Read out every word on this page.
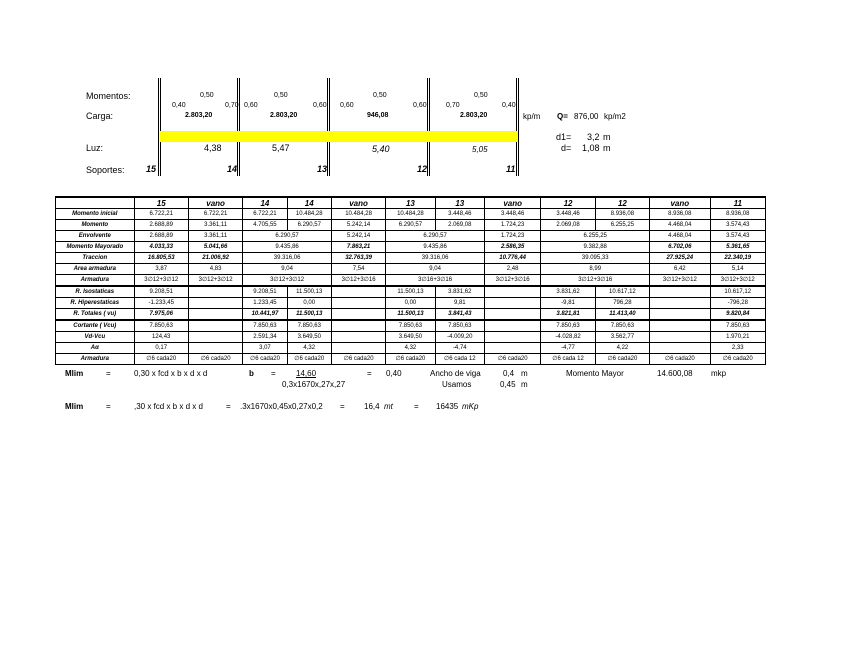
Momentos:
Carga:
Luz:
Soportes:
0,50
0,40	0,70
2.803,20
4,38
0,50
0,60	0,60
2.803,20
5,47
0,50
0,60	0,60
946,08
5,40
0,50
0,70	0,40
2.803,20
5,05
15	14	13	12	11
kp/m Q= 876,00 kp/m2
d1= 3,2 m
d= 1,08 m
	15	vano	14	14	vano	13	13	vano	12	12	vano	11
Momento inicial	6.722,21	6.722,21	6.722,21	10.484,28	10.484,28	10.484,28	3.448,46	3.448,46	3.448,46	8.936,08	8.936,08	8.936,08
Momento	2.688,89	3.361,11	4.705,55	6.290,57	5.242,14	6.290,57	2.069,08	1.724,23	2.069,08	6.255,25	4.468,04	3.574,43
Envolvente	2.688,89	3.361,11	6.290,57		5.242,14	6.290,57		1.724,23	6.255,25		4.468,04	3.574,43
Momento Mayorado	4.033,33	5.041,66	9.435,86		7.863,21	9.435,86		2.586,35	9.382,88		6.702,06	5.361,65
Traccion	16.805,53	21.006,92	39.316,06		32.763,39	39.316,06		10.776,44	39.095,33		27.925,24	22.340,19
Area armadura	3,87	4,83	9,04		7,54	9,04		2,48	8,99		6,42	5,14
Armadura	3∅12+3∅12	3∅12+3∅12	3∅12+3∅12		3∅12+3∅16	3∅16+3∅16		3∅12+3∅16	3∅12+3∅16		3∅12+3∅12	3∅12+3∅12
R. Isostaticas	9.208,51		9.208,51	11.500,13		11.500,13	3.831,62		3.831,62	10.617,12		10.617,12
R. Hiperestaticas	-1.233,45		1.233,45	0,00		0,00	9,81		-9,81	796,28		-796,28
R. Totales ( vu)	7.975,06		10.441,97	11.500,13		11.500,13	3.841,43		3.821,81	11.413,40		9.820,84
Cortante ( Vcu)	7.850,63		7.850,63	7.850,63		7.850,63	7.850,63		7.850,63	7.850,63		7.850,63
Vd-Vcu	124,43		2.591,34	3.649,50		3.649,50	-4.009,20		-4.028,82	3.562,77		1.970,21
Aα	0,17		3,07	4,32		4,32	-4,74		-4,77	4,22		2,33
Armadura	∅6 cada20	∅6 cada20	∅6 cada20	∅6 cada20	∅6 cada20	∅6 cada20	∅6 cada 12	∅6 cada20	∅6 cada 12	∅6 cada20	∅6 cada20	∅6 cada20
Mlim	=	0,30 x fcd x b x d x d	b =	14,60
0,3x1670x,27x,27
= 0,40	Ancho de viga	0,4 m
Usamos	0,45 m
Momento Mayor	14.600,08 mkp
Mlim	=	,30 x fcd x b x d x d	= .3x1670x0,45x0,27x0,2 = 16,4 mt	= 16435 mKp
